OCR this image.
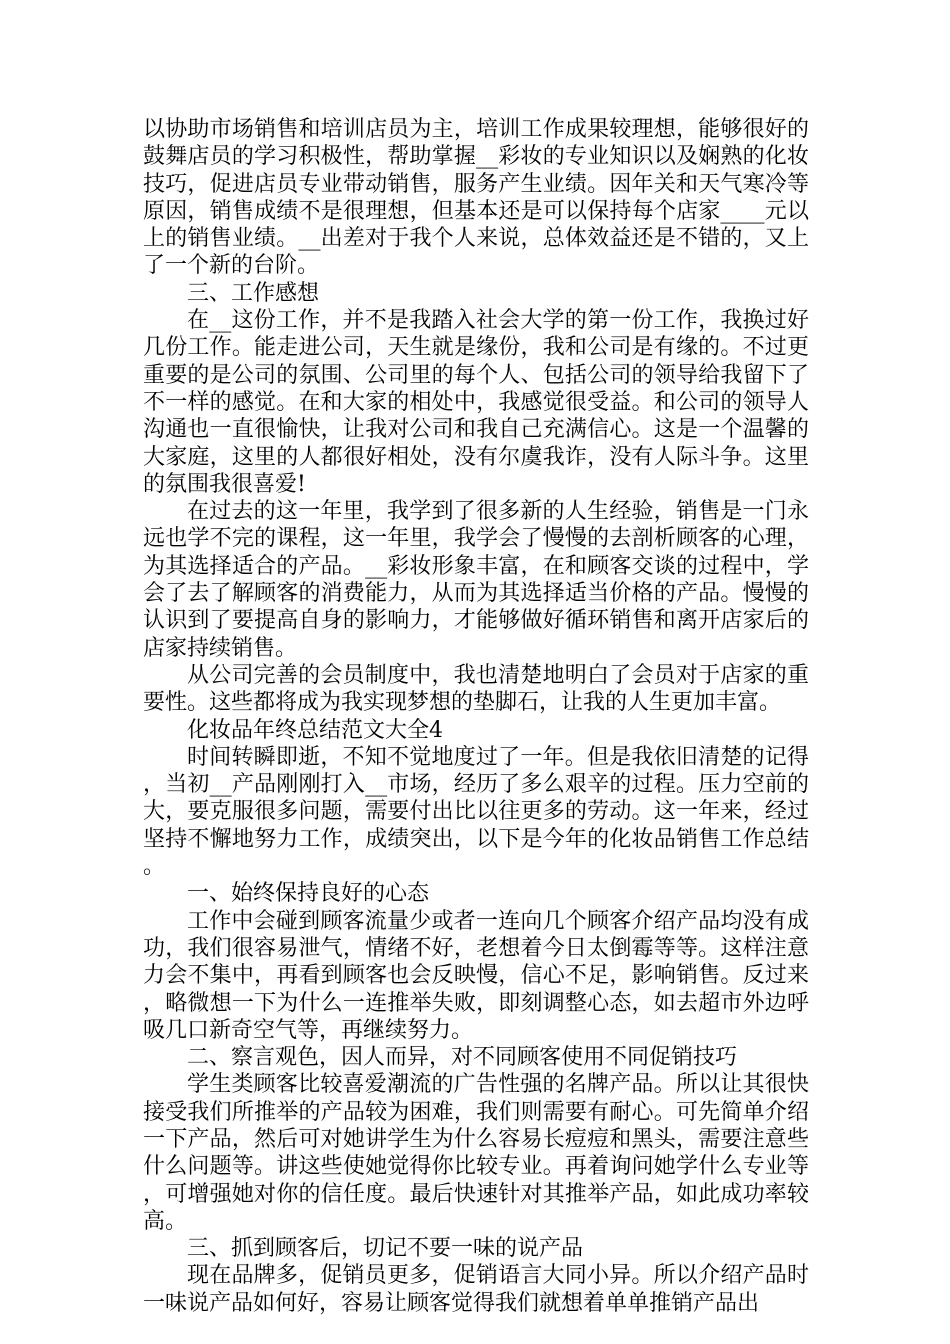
以协助市场销售和培训店员为主，培训工作成果较理想，能够很好的鼓舞店员的学习积极性，帮助掌握__彩妆的专业知识以及娴熟的化妆技巧，促进店员专业带动销售，服务产生业绩。因年关和天气寒冷等原因，销售成绩不是很理想，但基本还是可以保持每个店家____元以上的销售业绩。__出差对于我个人来说，总体效益还是不错的，又上了一个新的台阶。

三、工作感想

在__这份工作，并不是我踏入社会大学的第一份工作，我换过好几份工作。能走进公司，天生就是缘份，我和公司是有缘的。不过更重要的是公司的氛围、公司里的每个人、包括公司的领导给我留下了不一样的感觉。在和大家的相处中，我感觉很受益。和公司的领导人沟通也一直很愉快，让我对公司和我自己充满信心。这是一个温馨的大家庭，这里的人都很好相处，没有尔虞我诈，没有人际斗争。这里的氛围我很喜爱!

在过去的这一年里，我学到了很多新的人生经验，销售是一门永远也学不完的课程，这一年里，我学会了慢慢的去剖析顾客的心理，为其选择适合的产品。__彩妆形象丰富，在和顾客交谈的过程中，学会了去了解顾客的消费能力，从而为其选择适当价格的产品。慢慢的认识到了要提高自身的影响力，才能够做好循环销售和离开店家后的店家持续销售。

从公司完善的会员制度中，我也清楚地明白了会员对于店家的重要性。这些都将成为我实现梦想的垫脚石，让我的人生更加丰富。

化妆品年终总结范文大全4

时间转瞬即逝，不知不觉地度过了一年。但是我依旧清楚的记得，当初__产品刚刚打入__市场，经历了多么艰辛的过程。压力空前的大，要克服很多问题，需要付出比以往更多的劳动。这一年来，经过坚持不懈地努力工作，成绩突出，以下是今年的化妆品销售工作总结。

一、始终保持良好的心态

工作中会碰到顾客流量少或者一连向几个顾客介绍产品均没有成功，我们很容易泄气，情绪不好，老想着今日太倒霉等等。这样注意力会不集中，再看到顾客也会反映慢，信心不足，影响销售。反过来，略微想一下为什么一连推举失败，即刻调整心态，如去超市外边呼吸几口新奇空气等，再继续努力。

二、察言观色，因人而异，对不同顾客使用不同促销技巧

学生类顾客比较喜爱潮流的广告性强的名牌产品。所以让其很快接受我们所推举的产品较为困难，我们则需要有耐心。可先简单介绍一下产品，然后可对她讲学生为什么容易长痘痘和黑头，需要注意些什么问题等。讲这些使她觉得你比较专业。再着询问她学什么专业等，可增强她对你的信任度。最后快速针对其推举产品，如此成功率较高。

三、抓到顾客后，切记不要一味的说产品

现在品牌多，促销员更多，促销语言大同小异。所以介绍产品时一味说产品如何好，容易让顾客觉得我们就想着单单推销产品出
